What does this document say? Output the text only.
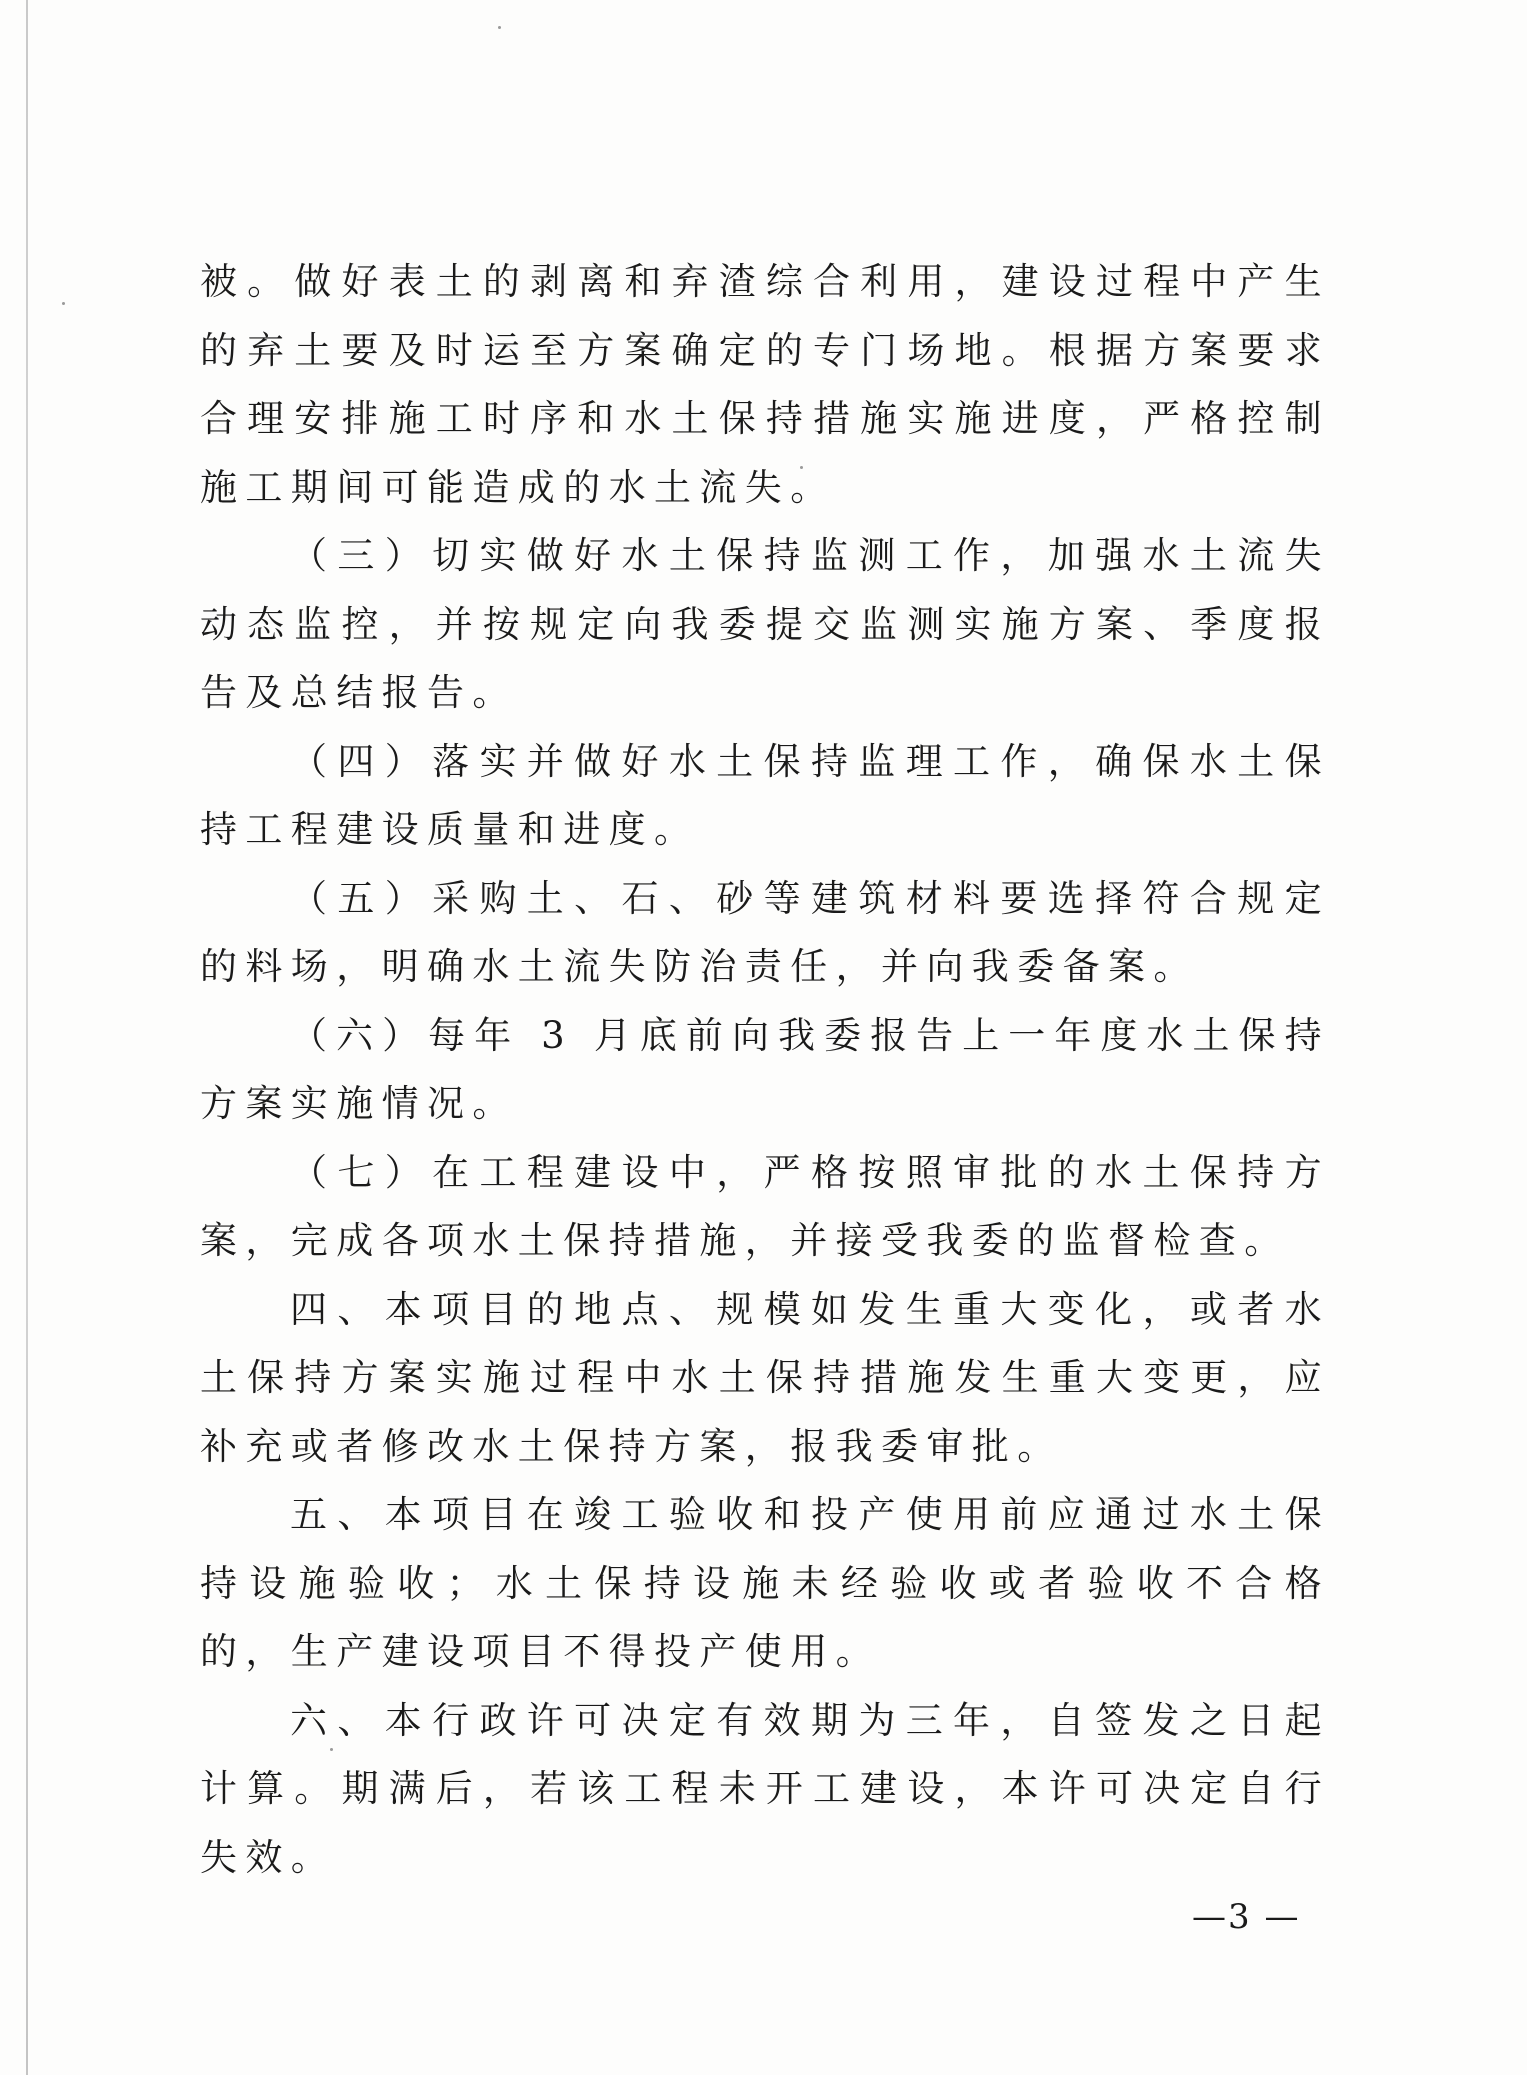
被。做好表土的剥离和弃渣综合利用，建设过程中产生的弃土要及时运至方案确定的专门场地。根据方案要求合理安排施工时序和水土保持措施实施进度，严格控制施工期间可能造成的水土流失。

（三）切实做好水土保持监测工作，加强水土流失动态监控，并按规定向我委提交监测实施方案、季度报告及总结报告。

（四）落实并做好水土保持监理工作，确保水土保持工程建设质量和进度。

（五）采购土、石、砂等建筑材料要选择符合规定的料场，明确水土流失防治责任，并向我委备案。

（六）每年 3 月底前向我委报告上一年度水土保持方案实施情况。

（七）在工程建设中，严格按照审批的水土保持方案，完成各项水土保持措施，并接受我委的监督检查。

四、本项目的地点、规模如发生重大变化，或者水土保持方案实施过程中水土保持措施发生重大变更，应补充或者修改水土保持方案，报我委审批。

五、本项目在竣工验收和投产使用前应通过水土保持设施验收；水土保持设施未经验收或者验收不合格的，生产建设项目不得投产使用。

六、本行政许可决定有效期为三年，自签发之日起计算。期满后，若该工程未开工建设，本许可决定自行失效。

—3 —
